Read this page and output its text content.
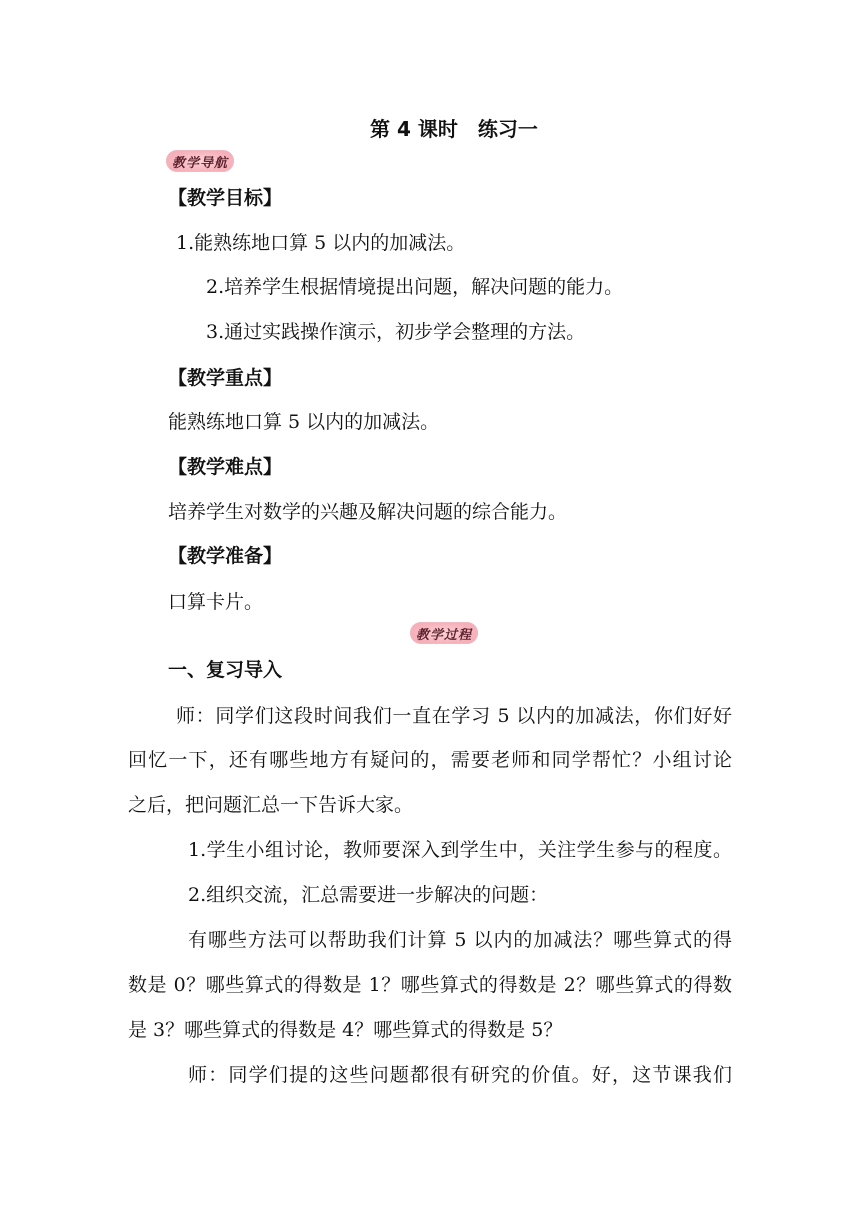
第 4 课时　练习一
教学导航
【教学目标】
1.能熟练地口算 5 以内的加减法。
2.培养学生根据情境提出问题，解决问题的能力。
3.通过实践操作演示，初步学会整理的方法。
【教学重点】
能熟练地口算 5 以内的加减法。
【教学难点】
培养学生对数学的兴趣及解决问题的综合能力。
【教学准备】
口算卡片。
教学过程
一、复习导入
师：同学们这段时间我们一直在学习 5 以内的加减法，你们好好
回忆一下，还有哪些地方有疑问的，需要老师和同学帮忙？小组讨论
之后，把问题汇总一下告诉大家。
1.学生小组讨论，教师要深入到学生中，关注学生参与的程度。
2.组织交流，汇总需要进一步解决的问题：
有哪些方法可以帮助我们计算 5 以内的加减法？哪些算式的得
数是 0？哪些算式的得数是 1？哪些算式的得数是 2？哪些算式的得数
是 3？哪些算式的得数是 4？哪些算式的得数是 5？
师：同学们提的这些问题都很有研究的价值。好，这节课我们
